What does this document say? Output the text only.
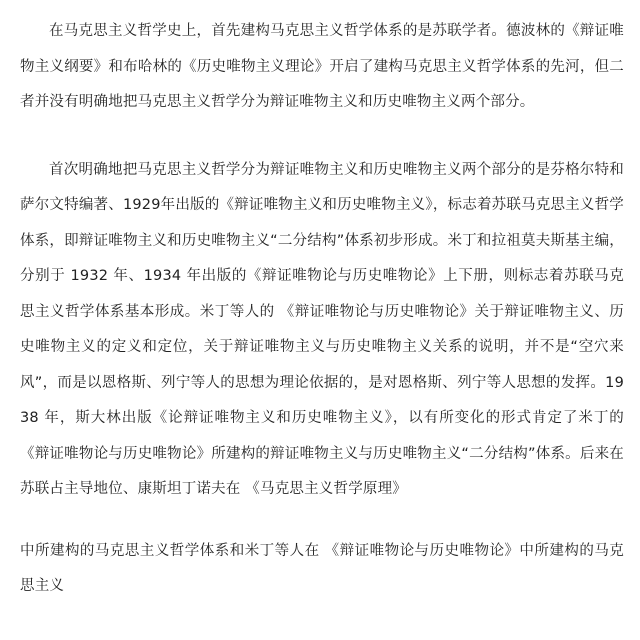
在马克思主义哲学史上，首先建构马克思主义哲学体系的是苏联学者。德波林的《辩证唯物主义纲要》和布哈林的《历史唯物主义理论》开启了建构马克思主义哲学体系的先河，但二者并没有明确地把马克思主义哲学分为辩证唯物主义和历史唯物主义两个部分。

首次明确地把马克思主义哲学分为辩证唯物主义和历史唯物主义两个部分的是芬格尔特和萨尔文特编著、1929年出版的《辩证唯物主义和历史唯物主义》，标志着苏联马克思主义哲学体系，即辩证唯物主义和历史唯物主义“二分结构”体系初步形成。米丁和拉祖莫夫斯基主编，分别于 1932 年、1934 年出版的《辩证唯物论与历史唯物论》上下册，则标志着苏联马克思主义哲学体系基本形成。米丁等人的 《辩证唯物论与历史唯物论》关于辩证唯物主义、历史唯物主义的定义和定位，关于辩证唯物主义与历史唯物主义关系的说明，并不是“空穴来风”，而是以恩格斯、列宁等人的思想为理论依据的，是对恩格斯、列宁等人思想的发挥。1938 年，斯大林出版《论辩证唯物主义和历史唯物主义》，以有所变化的形式肯定了米丁的《辩证唯物论与历史唯物论》所建构的辩证唯物主义与历史唯物主义“二分结构”体系。后来在苏联占主导地位、康斯坦丁诺夫在 《马克思主义哲学原理》

中所建构的马克思主义哲学体系和米丁等人在 《辩证唯物论与历史唯物论》中所建构的马克思主义
